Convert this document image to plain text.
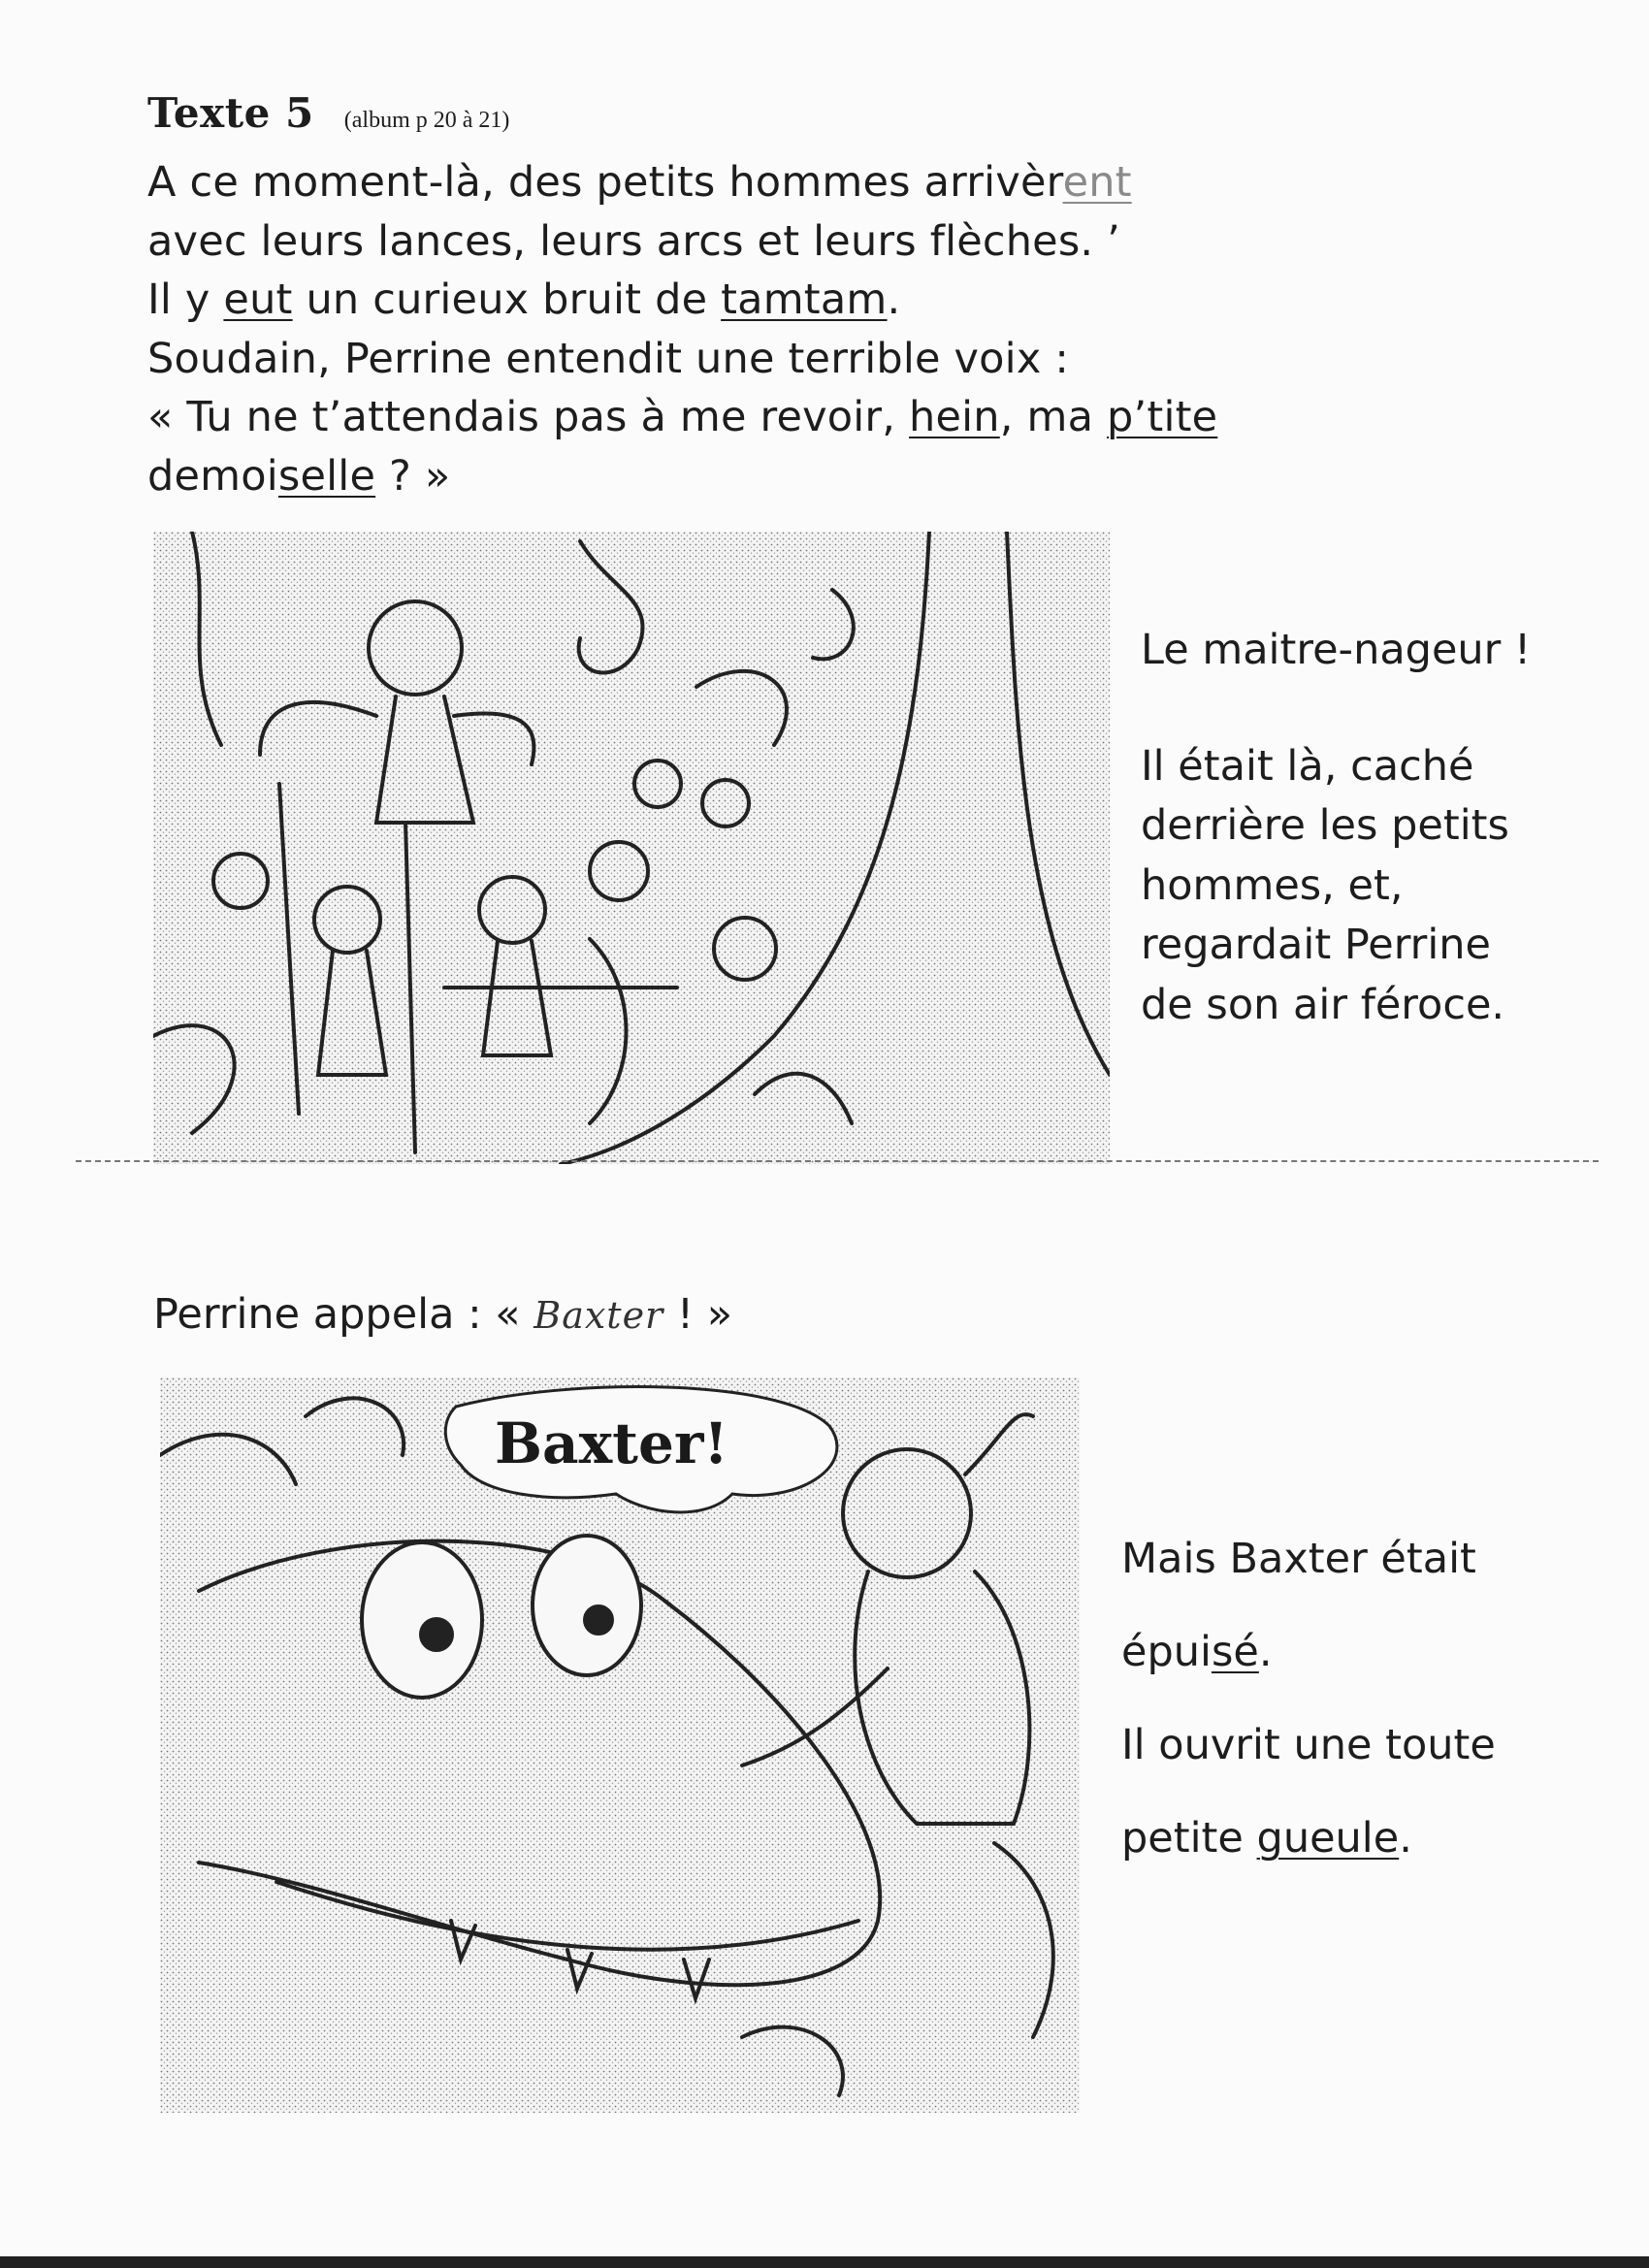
Texte 5 (album p 20 à 21)
A ce moment-là, des petits hommes arrivèrent
avec leurs lances, leurs arcs et leurs flèches. ’
Il y eut un curieux bruit de tamtam.
Soudain, Perrine entendit une terrible voix :
« Tu ne t’attendais pas à me revoir, hein, ma p’tite
demoiselle ? »
Le maitre-nageur !
Il était là, caché
derrière les petits
hommes, et,
regardait Perrine
de son air féroce.
Perrine appela : « Baxter ! »
Baxter!
Mais Baxter était
épuisé.
Il ouvrit une toute
petite gueule.
